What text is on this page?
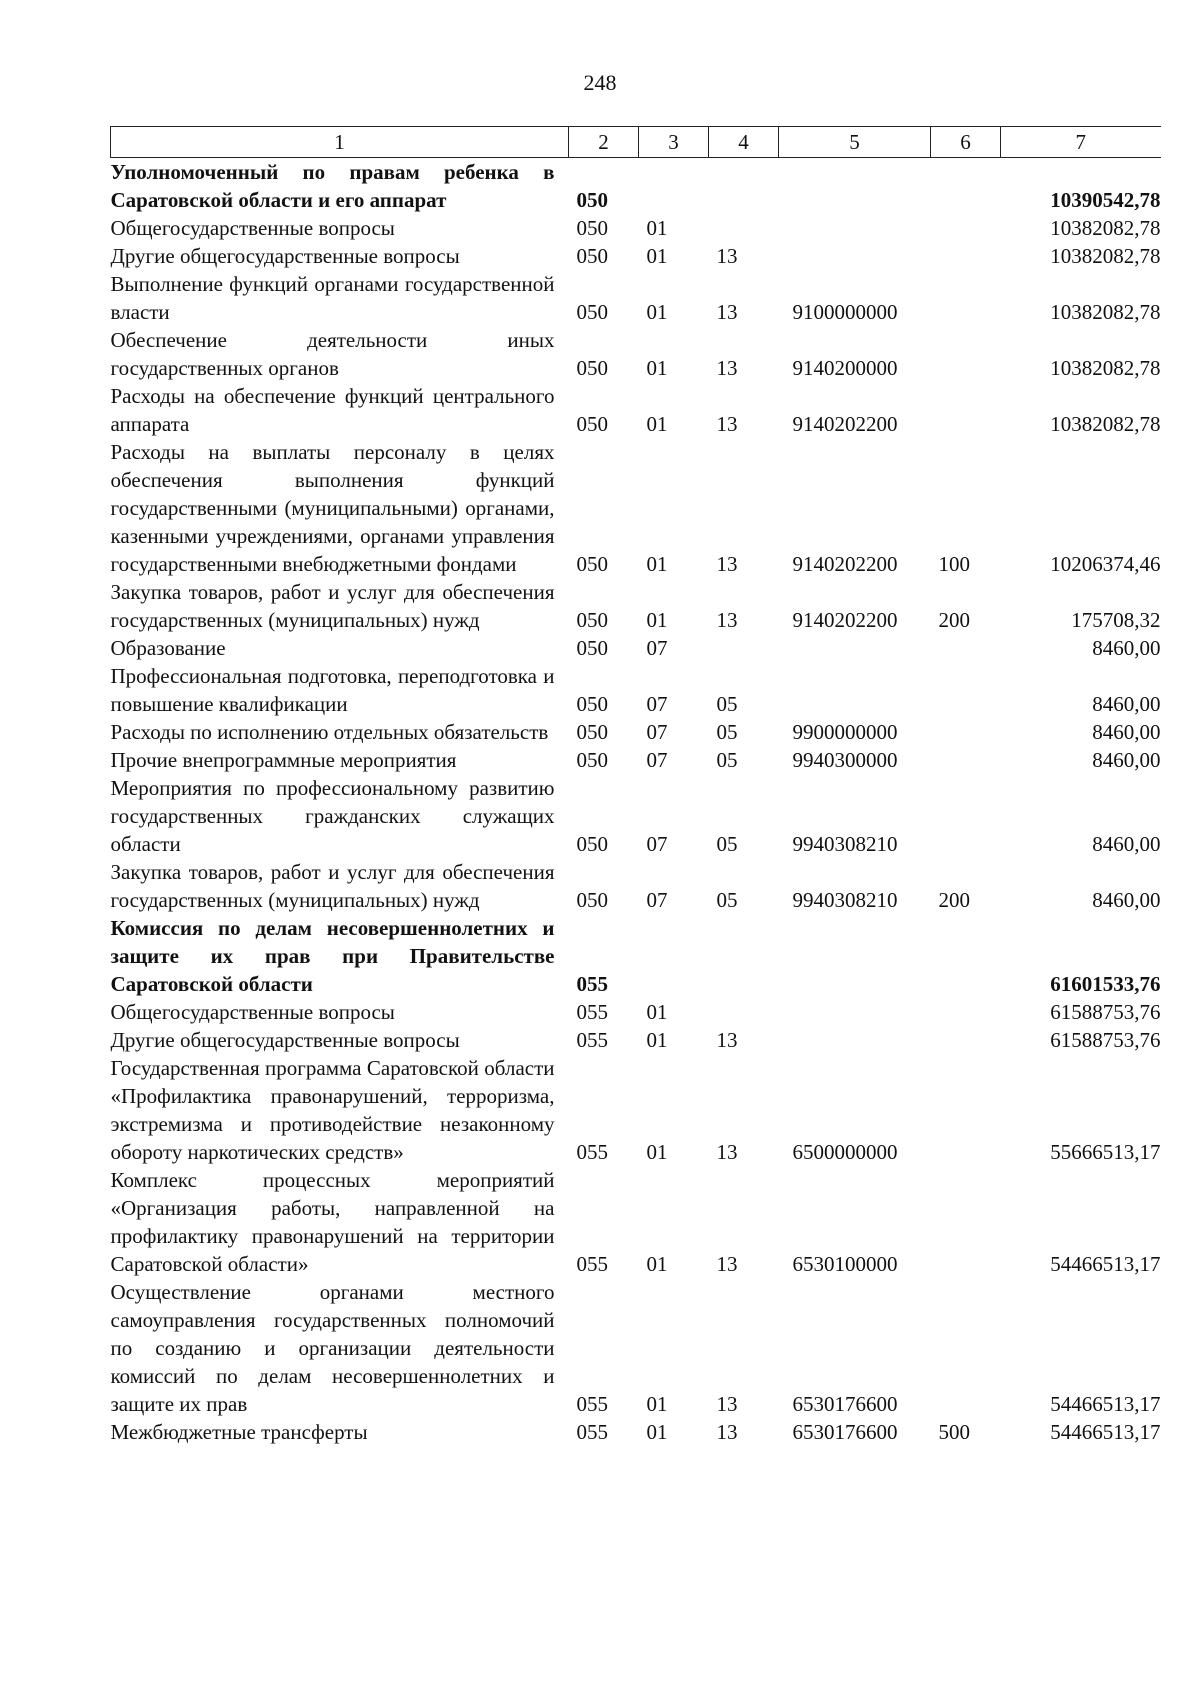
248
1	2	3	4	5	6	7
Уполномоченный по правам ребенка в Саратовской области и его аппарат	050					10390542,78
Общегосударственные вопросы	050	01				10382082,78
Другие общегосударственные вопросы	050	01	13			10382082,78
Выполнение функций органами государственной власти	050	01	13	9100000000		10382082,78
Обеспечение деятельности иных государственных органов	050	01	13	9140200000		10382082,78
Расходы на обеспечение функций центрального аппарата	050	01	13	9140202200		10382082,78
Расходы на выплаты персоналу в целях обеспечения выполнения функций государственными (муниципальными) органами, казенными учреждениями, органами управления государственными внебюджетными фондами	050	01	13	9140202200	100	10206374,46
Закупка товаров, работ и услуг для обеспечения государственных (муниципальных) нужд	050	01	13	9140202200	200	175708,32
Образование	050	07				8460,00
Профессиональная подготовка, переподготовка и повышение квалификации	050	07	05			8460,00
Расходы по исполнению отдельных обязательств	050	07	05	9900000000		8460,00
Прочие внепрограммные мероприятия	050	07	05	9940300000		8460,00
Мероприятия по профессиональному развитию государственных гражданских служащих области	050	07	05	9940308210		8460,00
Закупка товаров, работ и услуг для обеспечения государственных (муниципальных) нужд	050	07	05	9940308210	200	8460,00
Комиссия по делам несовершеннолетних и защите их прав при Правительстве Саратовской области	055					61601533,76
Общегосударственные вопросы	055	01				61588753,76
Другие общегосударственные вопросы	055	01	13			61588753,76
Государственная программа Саратовской области «Профилактика правонарушений, терроризма, экстремизма и противодействие незаконному обороту наркотических средств»	055	01	13	6500000000		55666513,17
Комплекс процессных мероприятий «Организация работы, направленной на профилактику правонарушений на территории Саратовской области»	055	01	13	6530100000		54466513,17
Осуществление органами местного самоуправления государственных полномочий по созданию и организации деятельности комиссий по делам несовершеннолетних и защите их прав	055	01	13	6530176600		54466513,17
Межбюджетные трансферты	055	01	13	6530176600	500	54466513,17
